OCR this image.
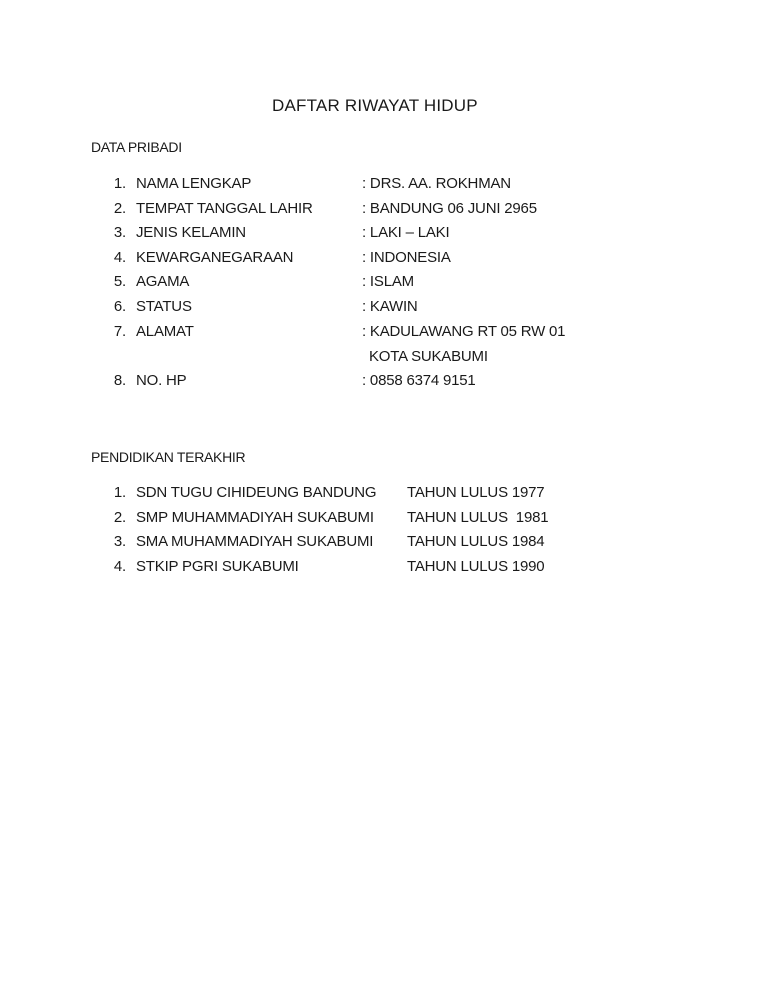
DAFTAR RIWAYAT HIDUP
DATA PRIBADI
1. NAMA LENGKAP	: DRS. AA. ROKHMAN
2. TEMPAT TANGGAL LAHIR	: BANDUNG 06 JUNI 2965
3. JENIS KELAMIN	: LAKI – LAKI
4. KEWARGANEGARAAN	: INDONESIA
5. AGAMA	: ISLAM
6. STATUS	: KAWIN
7. ALAMAT	: KADULAWANG RT 05 RW 01
KOTA SUKABUMI
8. NO. HP	: 0858 6374 9151
PENDIDIKAN TERAKHIR
1. SDN TUGU CIHIDEUNG BANDUNG TAHUN LULUS 1977
2. SMP MUHAMMADIYAH SUKABUMI TAHUN LULUS  1981
3. SMA MUHAMMADIYAH SUKABUMI TAHUN LULUS 1984
4. STKIP PGRI SUKABUMI	TAHUN LULUS 1990
